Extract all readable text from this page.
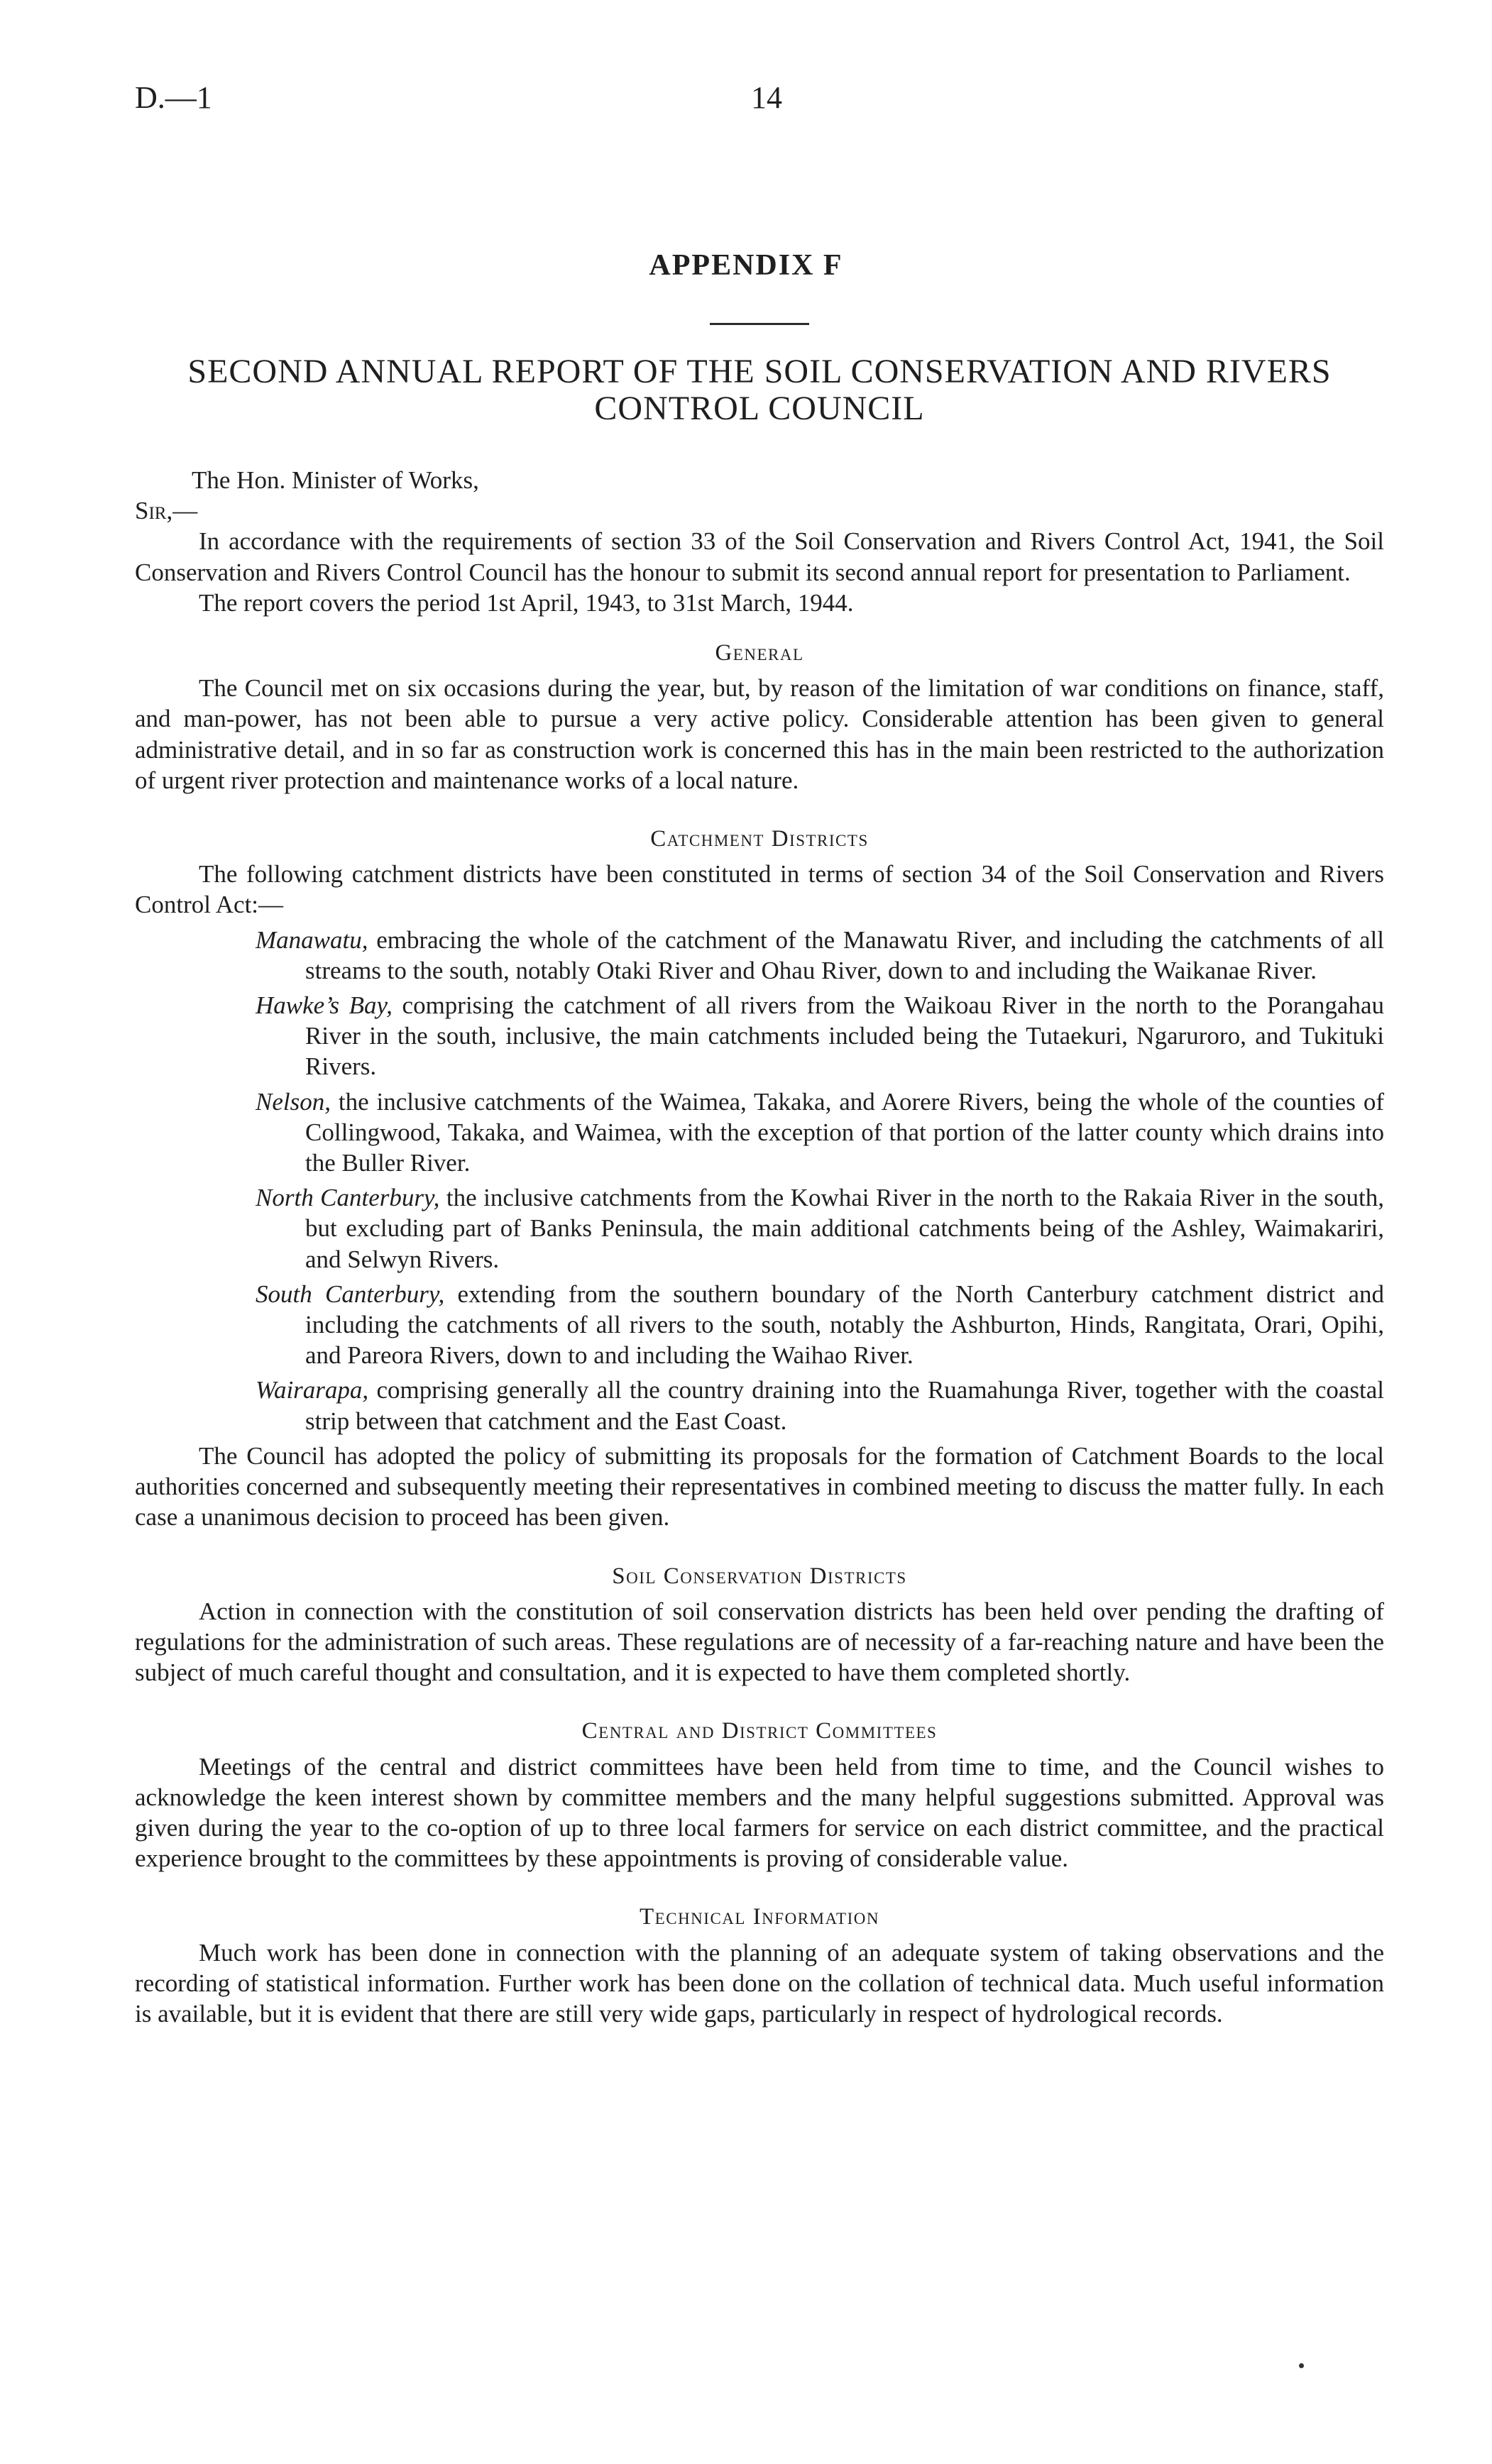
D.—1	14
APPENDIX F
SECOND ANNUAL REPORT OF THE SOIL CONSERVATION AND RIVERS CONTROL COUNCIL

The Hon. Minister of Works,

Sir,—

In accordance with the requirements of section 33 of the Soil Conservation and Rivers Control Act, 1941, the Soil Conservation and Rivers Control Council has the honour to submit its second annual report for presentation to Parliament.

The report covers the period 1st April, 1943, to 31st March, 1944.

General

The Council met on six occasions during the year, but, by reason of the limitation of war conditions on finance, staff, and man-power, has not been able to pursue a very active policy. Considerable attention has been given to general administrative detail, and in so far as construction work is concerned this has in the main been restricted to the authorization of urgent river protection and maintenance works of a local nature.

Catchment Districts

The following catchment districts have been constituted in terms of section 34 of the Soil Conservation and Rivers Control Act:—

Manawatu, embracing the whole of the catchment of the Manawatu River, and including the catchments of all streams to the south, notably Otaki River and Ohau River, down to and including the Waikanae River.

Hawke’s Bay, comprising the catchment of all rivers from the Waikoau River in the north to the Porangahau River in the south, inclusive, the main catchments included being the Tutaekuri, Ngaruroro, and Tukituki Rivers.

Nelson, the inclusive catchments of the Waimea, Takaka, and Aorere Rivers, being the whole of the counties of Collingwood, Takaka, and Waimea, with the exception of that portion of the latter county which drains into the Buller River.

North Canterbury, the inclusive catchments from the Kowhai River in the north to the Rakaia River in the south, but excluding part of Banks Peninsula, the main additional catchments being of the Ashley, Waimakariri, and Selwyn Rivers.

South Canterbury, extending from the southern boundary of the North Canterbury catchment district and including the catchments of all rivers to the south, notably the Ashburton, Hinds, Rangitata, Orari, Opihi, and Pareora Rivers, down to and including the Waihao River.

Wairarapa, comprising generally all the country draining into the Ruamahunga River, together with the coastal strip between that catchment and the East Coast.

The Council has adopted the policy of submitting its proposals for the formation of Catchment Boards to the local authorities concerned and subsequently meeting their representatives in combined meeting to discuss the matter fully. In each case a unanimous decision to proceed has been given.

Soil Conservation Districts

Action in connection with the constitution of soil conservation districts has been held over pending the drafting of regulations for the administration of such areas. These regulations are of necessity of a far-reaching nature and have been the subject of much careful thought and consultation, and it is expected to have them completed shortly.

Central and District Committees

Meetings of the central and district committees have been held from time to time, and the Council wishes to acknowledge the keen interest shown by committee members and the many helpful suggestions submitted. Approval was given during the year to the co-option of up to three local farmers for service on each district committee, and the practical experience brought to the committees by these appointments is proving of considerable value.

Technical Information

Much work has been done in connection with the planning of an adequate system of taking observations and the recording of statistical information. Further work has been done on the collation of technical data. Much useful information is available, but it is evident that there are still very wide gaps, particularly in respect of hydrological records.
